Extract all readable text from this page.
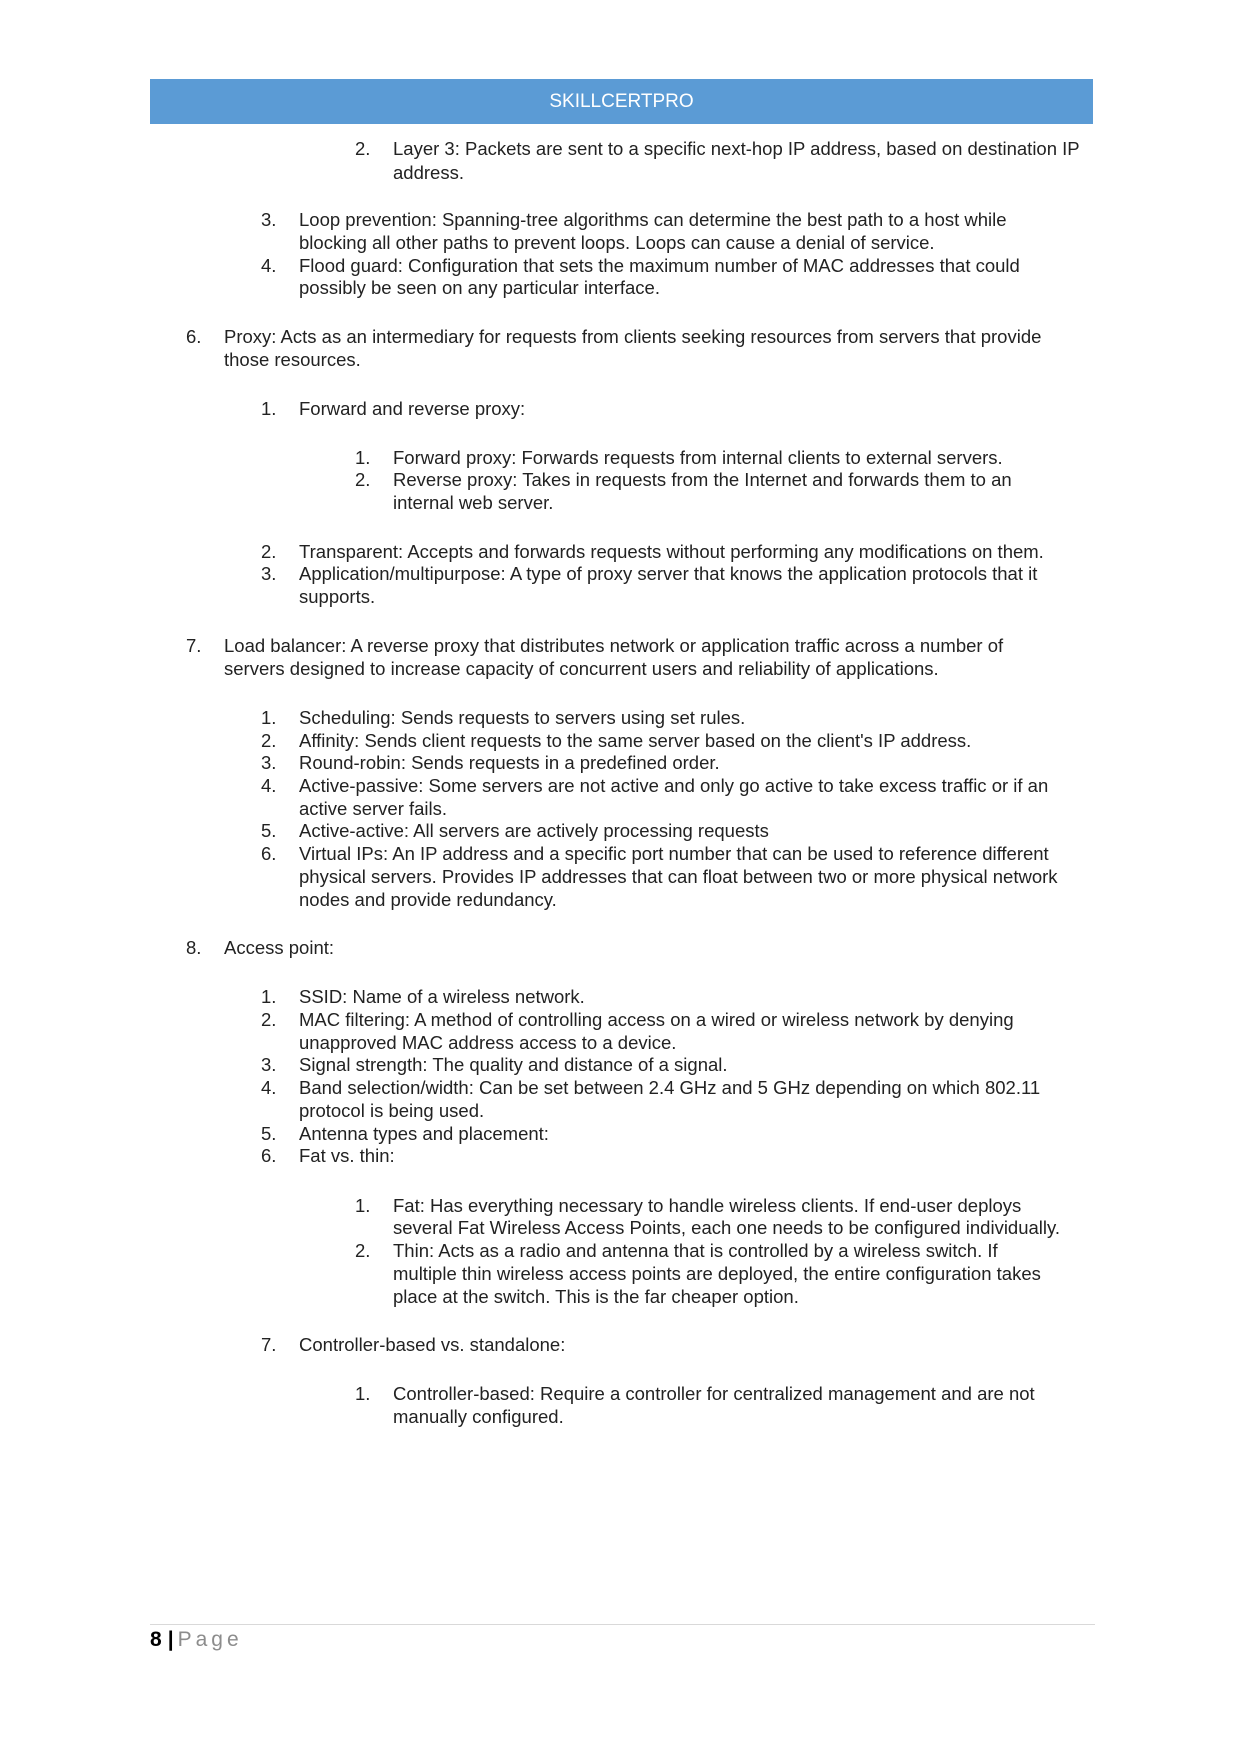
SKILLCERTPRO
2. Layer 3: Packets are sent to a specific next-hop IP address, based on destination IP
address.
3. Loop prevention: Spanning-tree algorithms can determine the best path to a host while
blocking all other paths to prevent loops. Loops can cause a denial of service.
4. Flood guard: Configuration that sets the maximum number of MAC addresses that could
possibly be seen on any particular interface.
6. Proxy: Acts as an intermediary for requests from clients seeking resources from servers that provide
those resources.
1. Forward and reverse proxy:
1. Forward proxy: Forwards requests from internal clients to external servers.
2. Reverse proxy: Takes in requests from the Internet and forwards them to an
internal web server.
2. Transparent: Accepts and forwards requests without performing any modifications on them.
3. Application/multipurpose: A type of proxy server that knows the application protocols that it
supports.
7. Load balancer: A reverse proxy that distributes network or application traffic across a number of
servers designed to increase capacity of concurrent users and reliability of applications.
1. Scheduling: Sends requests to servers using set rules.
2. Affinity: Sends client requests to the same server based on the client's IP address.
3. Round-robin: Sends requests in a predefined order.
4. Active-passive: Some servers are not active and only go active to take excess traffic or if an
active server fails.
5. Active-active: All servers are actively processing requests
6. Virtual IPs: An IP address and a specific port number that can be used to reference different
physical servers. Provides IP addresses that can float between two or more physical network
nodes and provide redundancy.
8. Access point:
1. SSID: Name of a wireless network.
2. MAC filtering: A method of controlling access on a wired or wireless network by denying
unapproved MAC address access to a device.
3. Signal strength: The quality and distance of a signal.
4. Band selection/width: Can be set between 2.4 GHz and 5 GHz depending on which 802.11
protocol is being used.
5. Antenna types and placement:
6. Fat vs. thin:
1. Fat: Has everything necessary to handle wireless clients. If end-user deploys
several Fat Wireless Access Points, each one needs to be configured individually.
2. Thin: Acts as a radio and antenna that is controlled by a wireless switch. If
multiple thin wireless access points are deployed, the entire configuration takes
place at the switch. This is the far cheaper option.
7. Controller-based vs. standalone:
1. Controller-based: Require a controller for centralized management and are not
manually configured.
8 | Page
